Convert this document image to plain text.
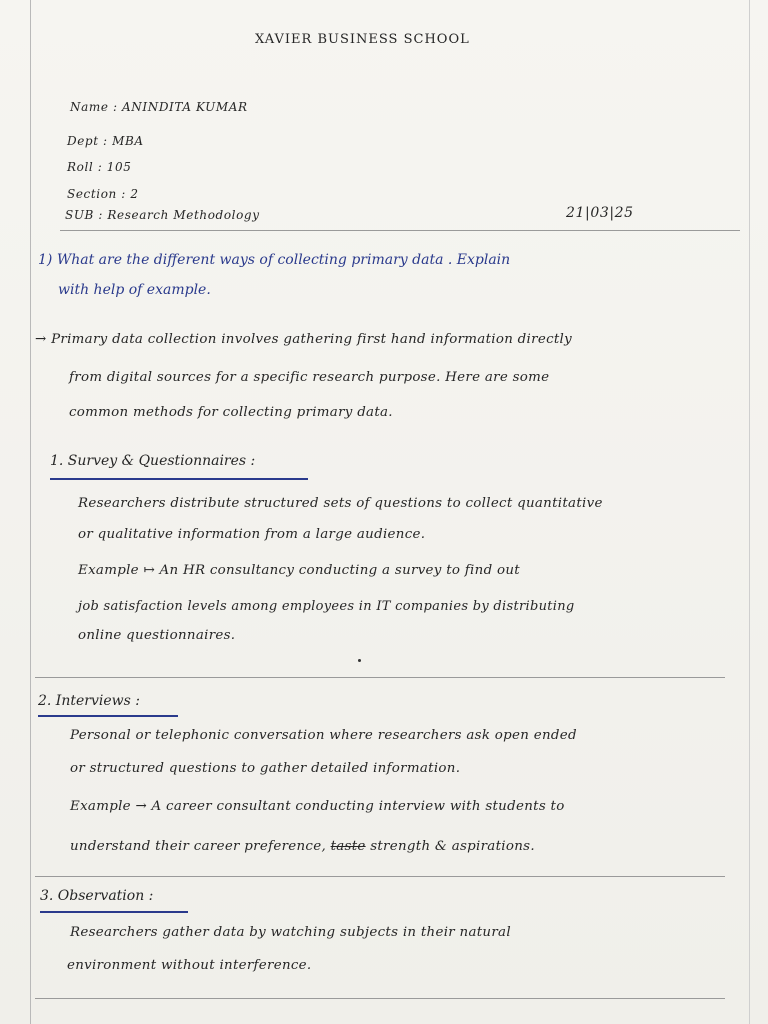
XAVIER BUSINESS SCHOOL
Name : ANINDITA KUMAR
Dept : MBA
Roll : 105
Section : 2
SUB : Research Methodology	21|03|25
1) What are the different ways of collecting primary data . Explain
with help of example.
→ Primary data collection involves gathering first hand information directly
from digital sources for a specific research purpose. Here are some
common methods for collecting primary data.
1. Survey & Questionnaires :
Researchers distribute structured sets of questions to collect quantitative
or qualitative information from a large audience.
Example ↦ An HR consultancy conducting a survey to find out
job satisfaction levels among employees in IT companies by distributing
online questionnaires.
2. Interviews :
Personal or telephonic conversation where researchers ask open ended
or structured questions to gather detailed information.
Example → A career consultant conducting interview with students to
understand their career preference, taste strength & aspirations.
3. Observation :
Researchers gather data by watching subjects in their natural
environment without interference.
